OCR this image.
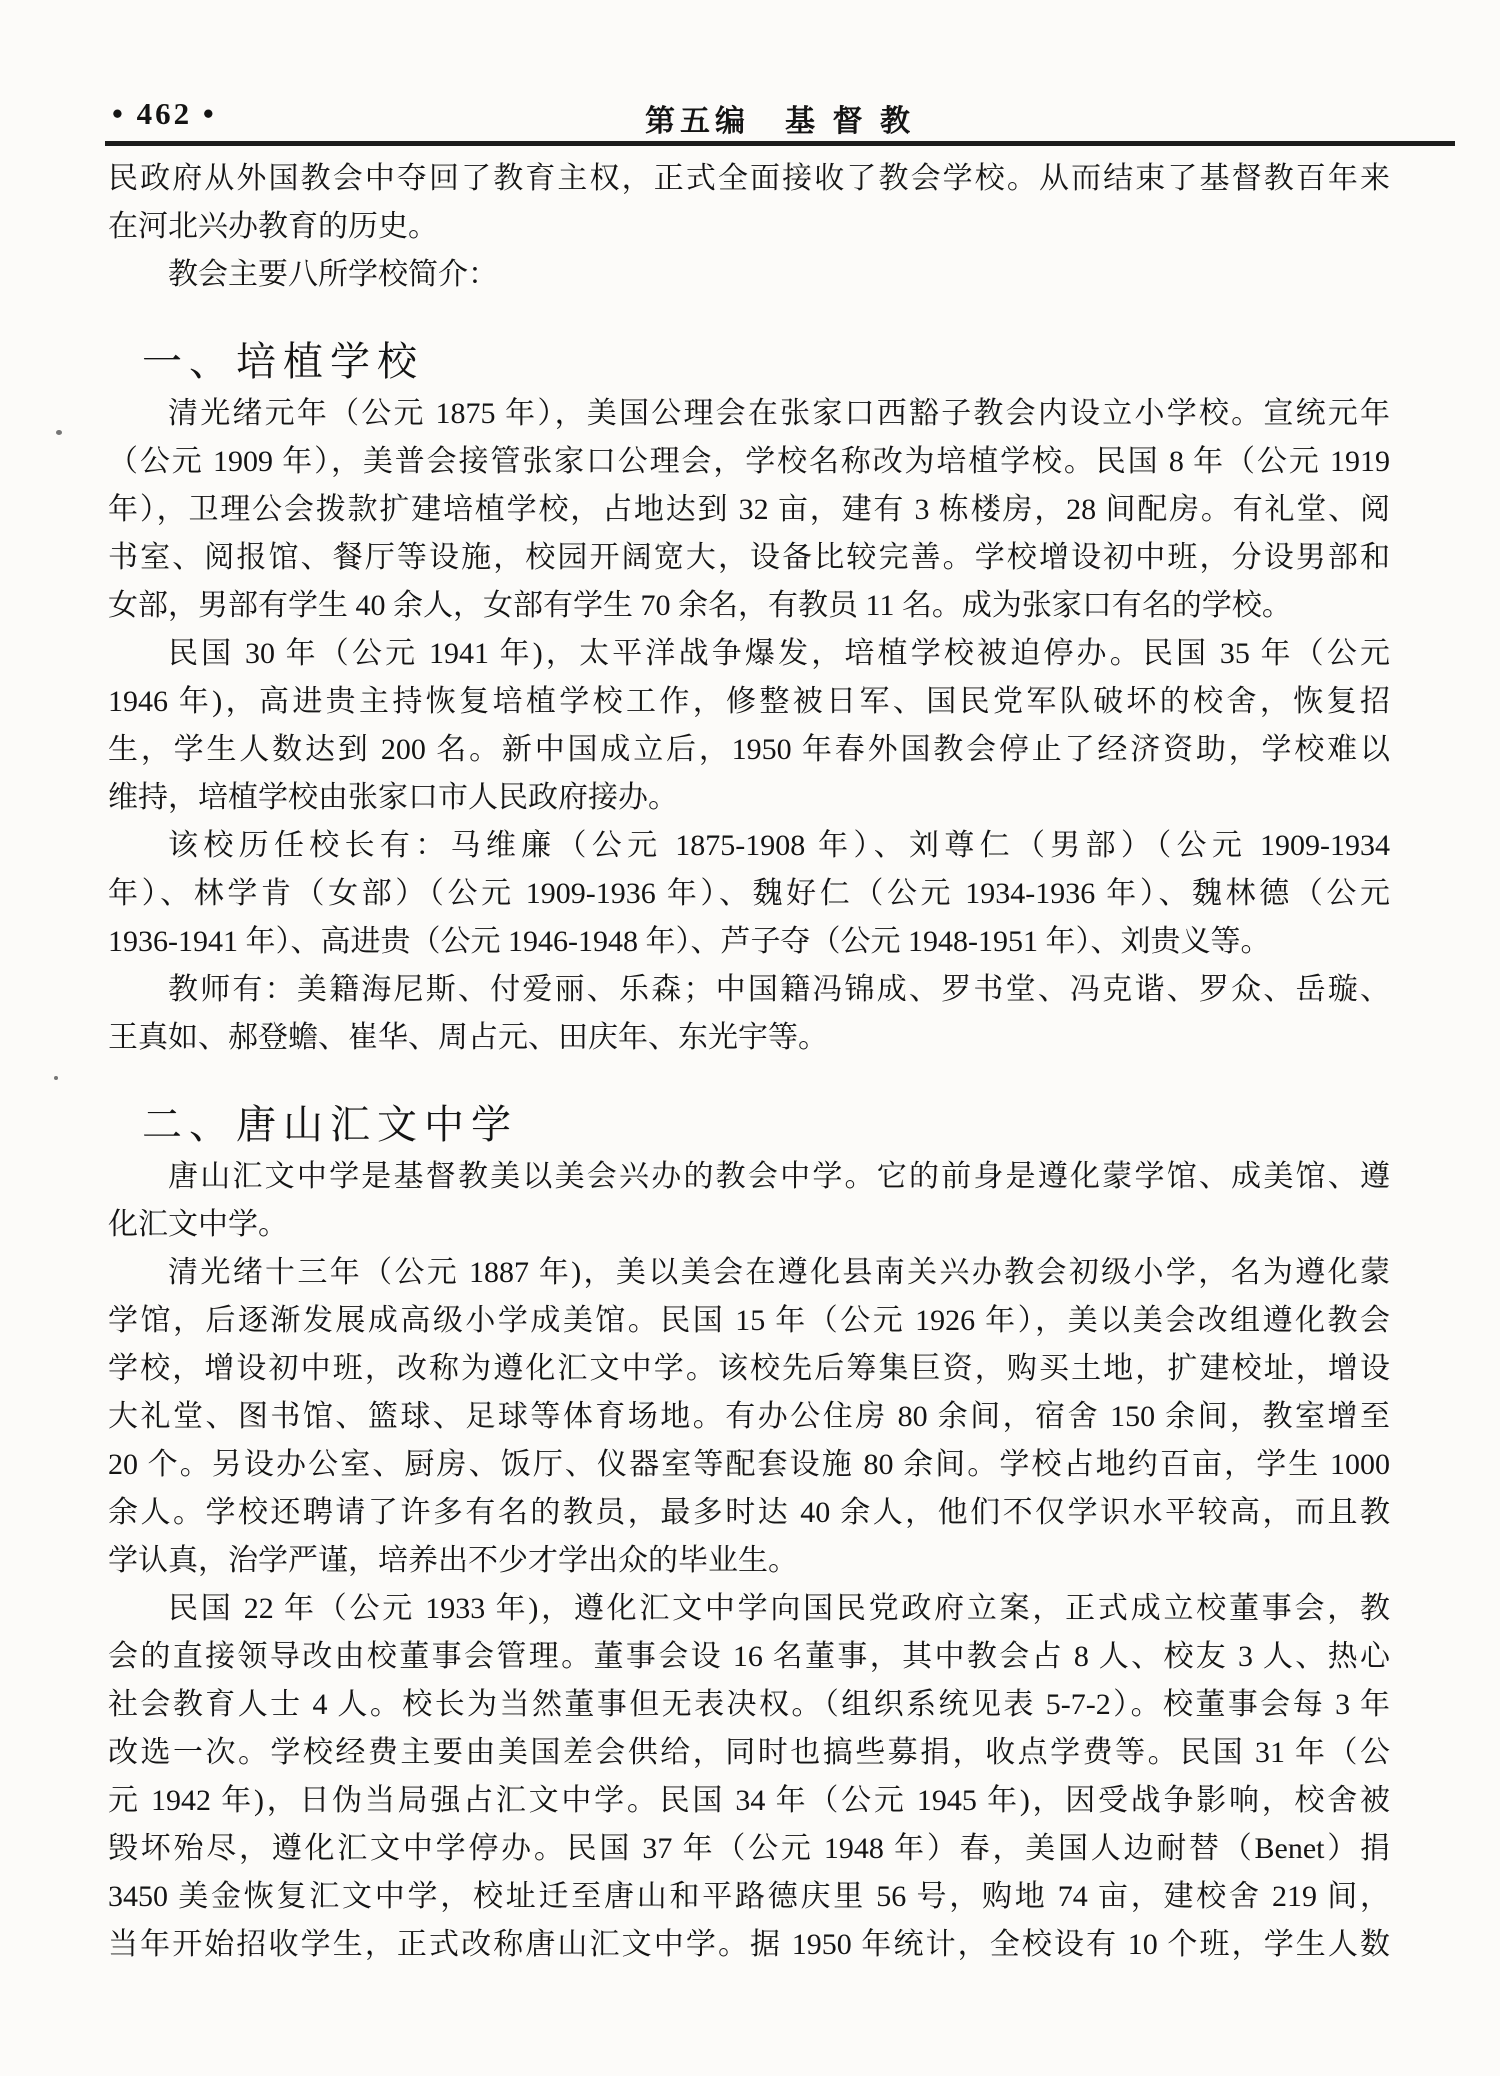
• 462 •	第五编　基 督 教
民政府从外国教会中夺回了教育主权，正式全面接收了教会学校。从而结束了基督教百年来
在河北兴办教育的历史。
教会主要八所学校简介：
一、培植学校
清光绪元年（公元 1875 年），美国公理会在张家口西豁子教会内设立小学校。宣统元年
（公元 1909 年），美普会接管张家口公理会，学校名称改为培植学校。民国 8 年（公元 1919
年），卫理公会拨款扩建培植学校，占地达到 32 亩，建有 3 栋楼房，28 间配房。有礼堂、阅
书室、阅报馆、餐厅等设施，校园开阔宽大，设备比较完善。学校增设初中班，分设男部和
女部，男部有学生 40 余人，女部有学生 70 余名，有教员 11 名。成为张家口有名的学校。
民国 30 年（公元 1941 年)，太平洋战争爆发，培植学校被迫停办。民国 35 年（公元
1946 年)，高进贵主持恢复培植学校工作，修整被日军、国民党军队破坏的校舍，恢复招
生，学生人数达到 200 名。新中国成立后，1950 年春外国教会停止了经济资助，学校难以
维持，培植学校由张家口市人民政府接办。
该校历任校长有：马维廉（公元 1875-1908 年）、刘尊仁（男部）（公元 1909-1934
年）、林学肯（女部）（公元 1909-1936 年）、魏好仁（公元 1934-1936 年）、魏林德（公元
1936-1941 年）、高进贵（公元 1946-1948 年）、芦子夺（公元 1948-1951 年）、刘贵义等。
教师有：美籍海尼斯、付爱丽、乐森；中国籍冯锦成、罗书堂、冯克谐、罗众、岳璇、
王真如、郝登蟾、崔华、周占元、田庆年、东光宇等。
二、唐山汇文中学
唐山汇文中学是基督教美以美会兴办的教会中学。它的前身是遵化蒙学馆、成美馆、遵
化汇文中学。
清光绪十三年（公元 1887 年)，美以美会在遵化县南关兴办教会初级小学，名为遵化蒙
学馆，后逐渐发展成高级小学成美馆。民国 15 年（公元 1926 年），美以美会改组遵化教会
学校，增设初中班，改称为遵化汇文中学。该校先后筹集巨资，购买土地，扩建校址，增设
大礼堂、图书馆、篮球、足球等体育场地。有办公住房 80 余间，宿舍 150 余间，教室增至
20 个。另设办公室、厨房、饭厅、仪器室等配套设施 80 余间。学校占地约百亩，学生 1000
余人。学校还聘请了许多有名的教员，最多时达 40 余人，他们不仅学识水平较高，而且教
学认真，治学严谨，培养出不少才学出众的毕业生。
民国 22 年（公元 1933 年)，遵化汇文中学向国民党政府立案，正式成立校董事会，教
会的直接领导改由校董事会管理。董事会设 16 名董事，其中教会占 8 人、校友 3 人、热心
社会教育人士 4 人。校长为当然董事但无表决权。（组织系统见表 5-7-2）。校董事会每 3 年
改选一次。学校经费主要由美国差会供给，同时也搞些募捐，收点学费等。民国 31 年（公
元 1942 年)，日伪当局强占汇文中学。民国 34 年（公元 1945 年)，因受战争影响，校舍被
毁坏殆尽，遵化汇文中学停办。民国 37 年（公元 1948 年）春，美国人边耐替（Benet）捐
3450 美金恢复汇文中学，校址迁至唐山和平路德庆里 56 号，购地 74 亩，建校舍 219 间，
当年开始招收学生，正式改称唐山汇文中学。据 1950 年统计，全校设有 10 个班，学生人数
